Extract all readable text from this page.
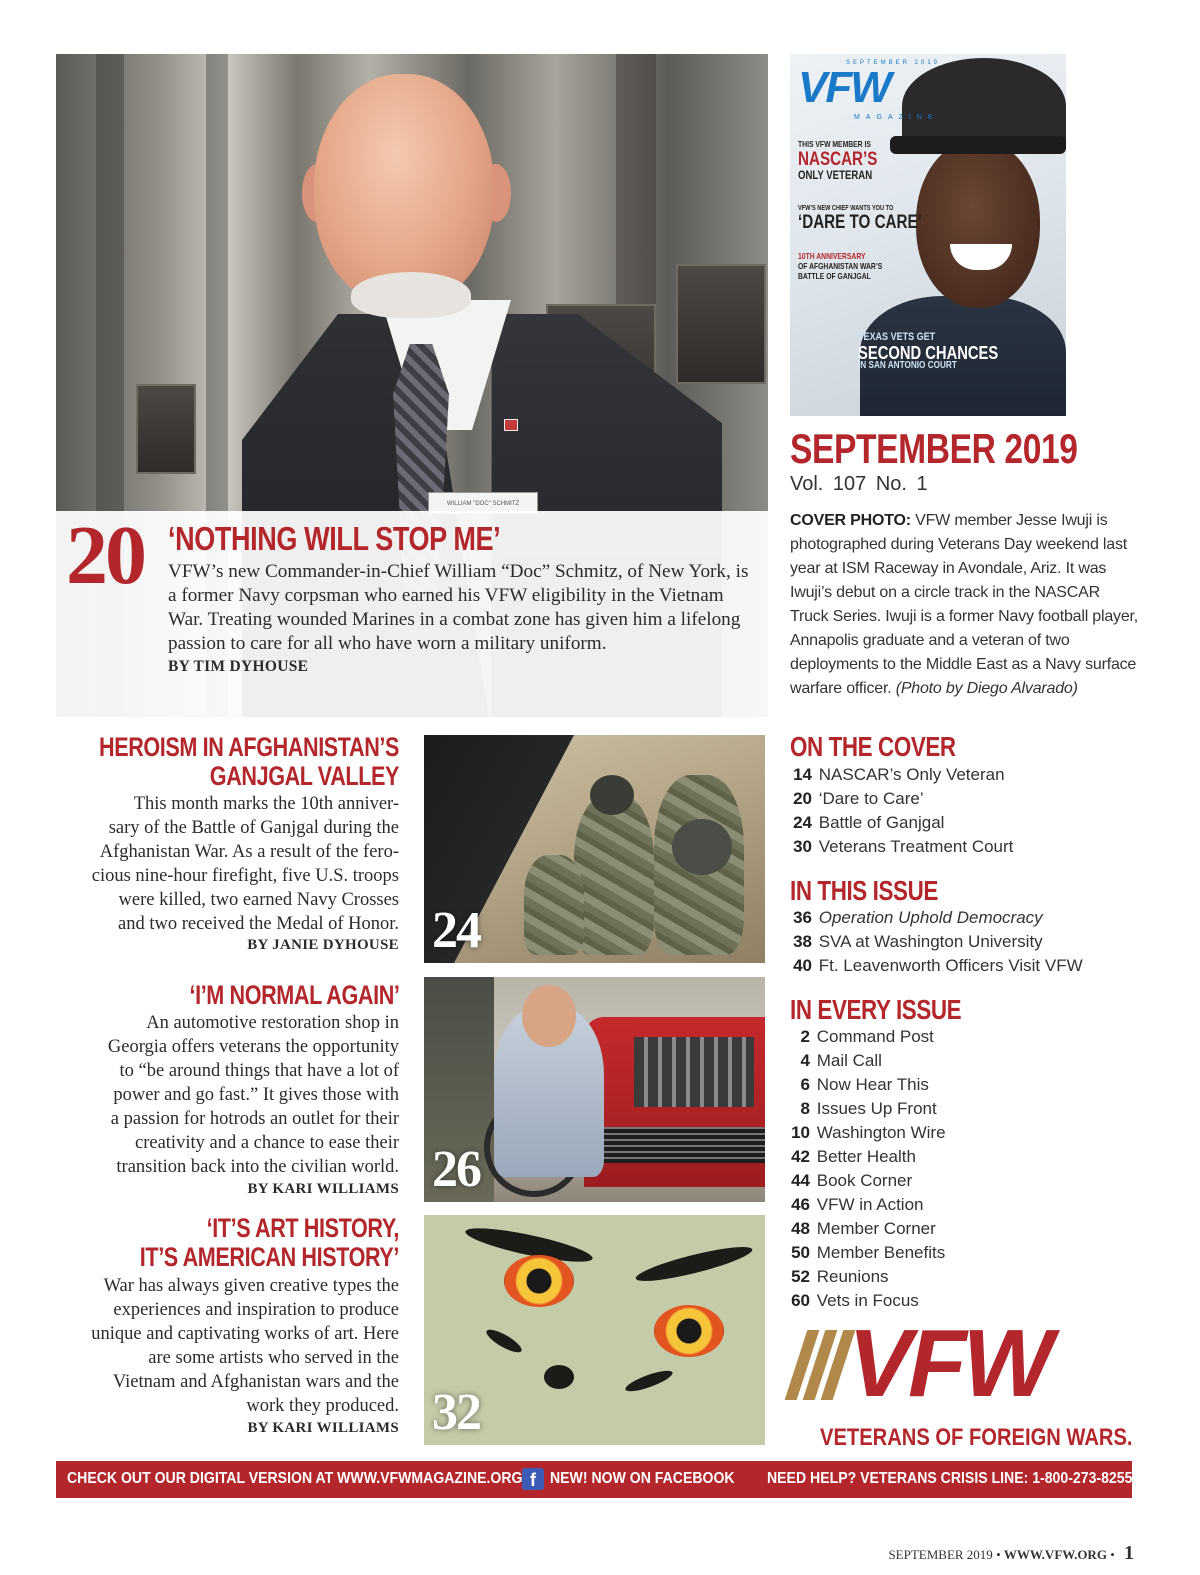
WILLIAM "DOC" SCHMITZ
20 ‘NOTHING WILL STOP ME’
VFW’s new Commander-in-Chief William “Doc” Schmitz, of New York, is a former Navy corpsman who earned his VFW eligibility in the Vietnam War. Treating wounded Marines in a combat zone has given him a lifelong passion to care for all who have worn a military uniform.
BY TIM DYHOUSE
SEPTEMBER 2019
VFW
MAGAZINE
THIS VFW MEMBER IS
NASCAR’S
ONLY VETERAN
VFW’S NEW CHIEF WANTS YOU TO
‘DARE TO CARE’
10TH ANNIVERSARY
OF AFGHANISTAN WAR’S
BATTLE OF GANJGAL
TEXAS VETS GET
SECOND CHANCES
IN SAN ANTONIO COURT
SEPTEMBER 2019
Vol. 107 No. 1
COVER PHOTO: VFW member Jesse Iwuji is photographed during Veterans Day weekend last year at ISM Raceway in Avondale, Ariz. It was Iwuji’s debut on a circle track in the NASCAR Truck Series. Iwuji is a former Navy football player, Annapolis graduate and a veteran of two deployments to the Middle East as a Navy surface warfare officer. (Photo by Diego Alvarado)
ON THE COVER
14 NASCAR’s Only Veteran
20 ‘Dare to Care’
24 Battle of Ganjgal
30 Veterans Treatment Court
IN THIS ISSUE
36 Operation Uphold Democracy
38 SVA at Washington University
40 Ft. Leavenworth Officers Visit VFW
IN EVERY ISSUE
2 Command Post
4 Mail Call
6 Now Hear This
8 Issues Up Front
10 Washington Wire
42 Better Health
44 Book Corner
46 VFW in Action
48 Member Corner
50 Member Benefits
52 Reunions
60 Vets in Focus
HEROISM IN AFGHANISTAN’S
GANJGAL VALLEY
This month marks the 10th anniver-
sary of the Battle of Ganjgal during the
Afghanistan War. As a result of the fero-
cious nine-hour firefight, five U.S. troops
were killed, two earned Navy Crosses
and two received the Medal of Honor.
BY JANIE DYHOUSE
‘I’M NORMAL AGAIN’
An automotive restoration shop in
Georgia offers veterans the opportunity
to “be around things that have a lot of
power and go fast.” It gives those with
a passion for hotrods an outlet for their
creativity and a chance to ease their
transition back into the civilian world.
BY KARI WILLIAMS
‘IT’S ART HISTORY,
IT’S AMERICAN HISTORY’
War has always given creative types the
experiences and inspiration to produce
unique and captivating works of art. Here
are some artists who served in the
Vietnam and Afghanistan wars and the
work they produced.
BY KARI WILLIAMS
24
26
32	VFW
VETERANS OF FOREIGN WARS.
CHECK OUT OUR DIGITAL VERSION AT WWW.VFWMAGAZINE.ORG f NEW! NOW ON FACEBOOK NEED HELP? VETERANS CRISIS LINE: 1-800-273-8255
SEPTEMBER 2019 • WWW.VFW.ORG • 1
